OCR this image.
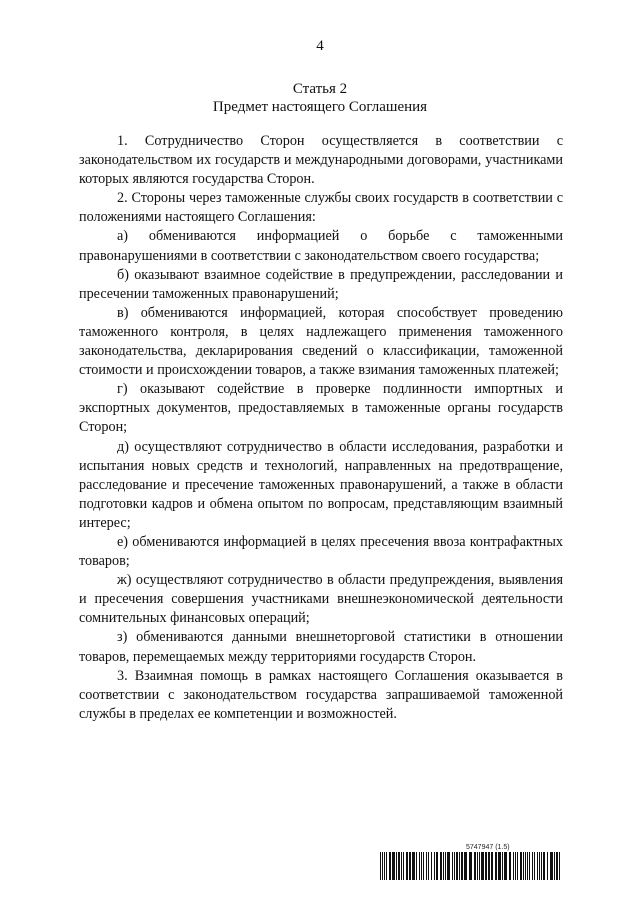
4
Статья 2
Предмет настоящего Соглашения

1. Сотрудничество Сторон осуществляется в соответствии с законодательством их государств и международными договорами, участниками которых являются государства Сторон.

2. Стороны через таможенные службы своих государств в соответствии с положениями настоящего Соглашения:

а) обмениваются информацией о борьбе с таможенными правонарушениями в соответствии с законодательством своего государства;

б) оказывают взаимное содействие в предупреждении, расследовании и пресечении таможенных правонарушений;

в) обмениваются информацией, которая способствует проведению таможенного контроля, в целях надлежащего применения таможенного законодательства, декларирования сведений о классификации, таможенной стоимости и происхождении товаров, а также взимания таможенных платежей;

г) оказывают содействие в проверке подлинности импортных и экспортных документов, предоставляемых в таможенные органы государств Сторон;

д) осуществляют сотрудничество в области исследования, разработки и испытания новых средств и технологий, направленных на предотвращение, расследование и пресечение таможенных правонарушений, а также в области подготовки кадров и обмена опытом по вопросам, представляющим взаимный интерес;

е) обмениваются информацией в целях пресечения ввоза контрафактных товаров;

ж) осуществляют сотрудничество в области предупреждения, выявления и пресечения совершения участниками внешнеэкономической деятельности сомнительных финансовых операций;

з) обмениваются данными внешнеторговой статистики в отношении товаров, перемещаемых между территориями государств Сторон.

3. Взаимная помощь в рамках настоящего Соглашения оказывается в соответствии с законодательством государства запрашиваемой таможенной службы в пределах ее компетенции и возможностей.

5747947 (1.5)
